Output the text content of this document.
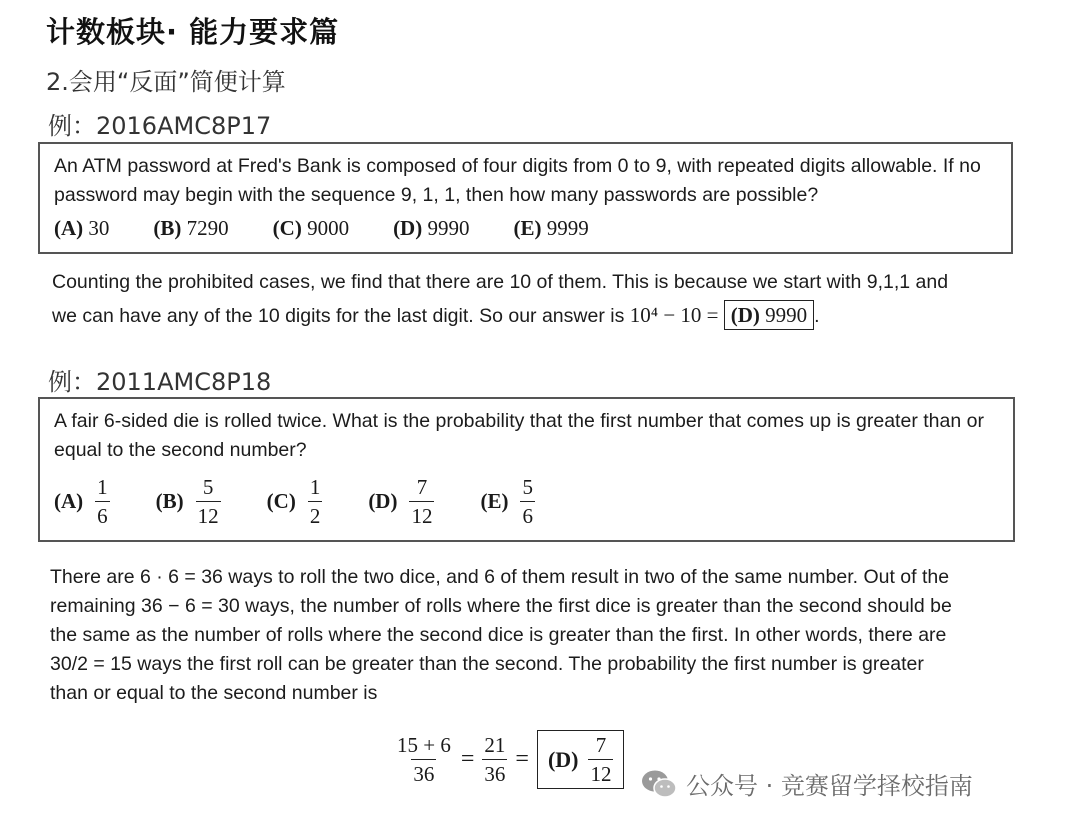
计数板块· 能力要求篇
2.会用“反面”简便计算
例：2016AMC8P17
An ATM password at Fred's Bank is composed of four digits from 0 to 9, with repeated digits allowable. If no password may begin with the sequence 9, 1, 1, then how many passwords are possible?
(A) 30 (B) 7290 (C) 9000 (D) 9990 (E) 9999
Counting the prohibited cases, we find that there are 10 of them. This is because we start with 9,1,1 and
we can have any of the 10 digits for the last digit. So our answer is 10⁴ − 10 = (D) 9990 .
例：2011AMC8P18
A fair 6-sided die is rolled twice. What is the probability that the first number that comes up is greater than or equal to the second number?
$(A) \frac{1}{6} (B) \frac{5}{12} (C) \frac{1}{2} (D) \frac{7}{12} (E) \frac{5}{6}$
There are 6 · 6 = 36 ways to roll the two dice, and 6 of them result in two of the same number. Out of the
remaining 36 − 6 = 30 ways, the number of rolls where the first dice is greater than the second should be
the same as the number of rolls where the second dice is greater than the first. In other words, there are
30/2 = 15 ways the first roll can be greater than the second. The probability the first number is greater
than or equal to the second number is
$\frac{15 + 6}{36} = \frac{21}{36} = (D) \frac{7}{12}$	公众号 · 竞赛留学择校指南
